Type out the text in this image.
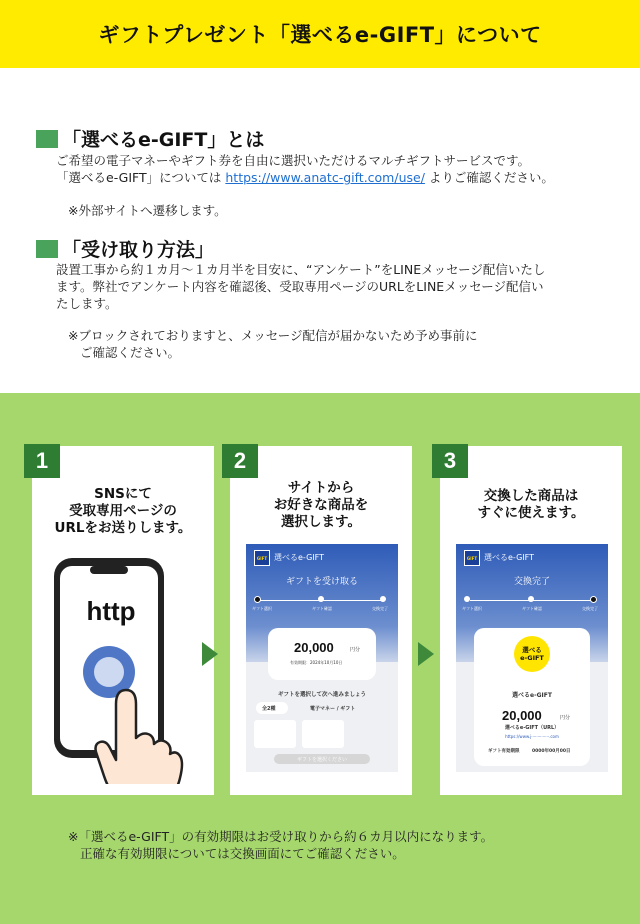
ギフトプレゼント「選べるe-GIFT」について
「選べるe-GIFT」とは
ご希望の電子マネーやギフト券を自由に選択いただけるマルチギフトサービスです。
「選べるe-GIFT」については https://www.anatc-gift.com/use/ よりご確認ください。
※外部サイトへ遷移します。
「受け取り方法」
設置工事から約１カ月〜１カ月半を目安に、“アンケート”をLINEメッセージ配信いたし
ます。弊社でアンケート内容を確認後、受取専用ページのURLをLINEメッセージ配信い
たします。
※ブロックされておりますと、メッセージ配信が届かないため予め事前に
ご確認ください。
1
SNSにて
受取専用ページの
URLをお送りします。
http
2
サイトから
お好きな商品を
選択します。
GIFT 選べるe-GIFT
ギフトを受け取る
ギフト選択	ギフト確認	交換完了
20,000	円分
有効期限：2024年10月10日
ギフトを選択して次へ進みましょう
全2種	電子マネー / ギフト
ギフトを選択ください
3
交換した商品は
すぐに使えます。
GIFT 選べるe-GIFT
交換完了
ギフト選択	ギフト確認	交換完了
選べる
e-GIFT
選べるe-GIFT
20,000	円分
選べるe-GIFT（URL）
https://www.j··············.com
ギフト有効期限	0000年00月00日
※「選べるe-GIFT」の有効期限はお受け取りから約６カ月以内になります。
正確な有効期限については交換画面にてご確認ください。
